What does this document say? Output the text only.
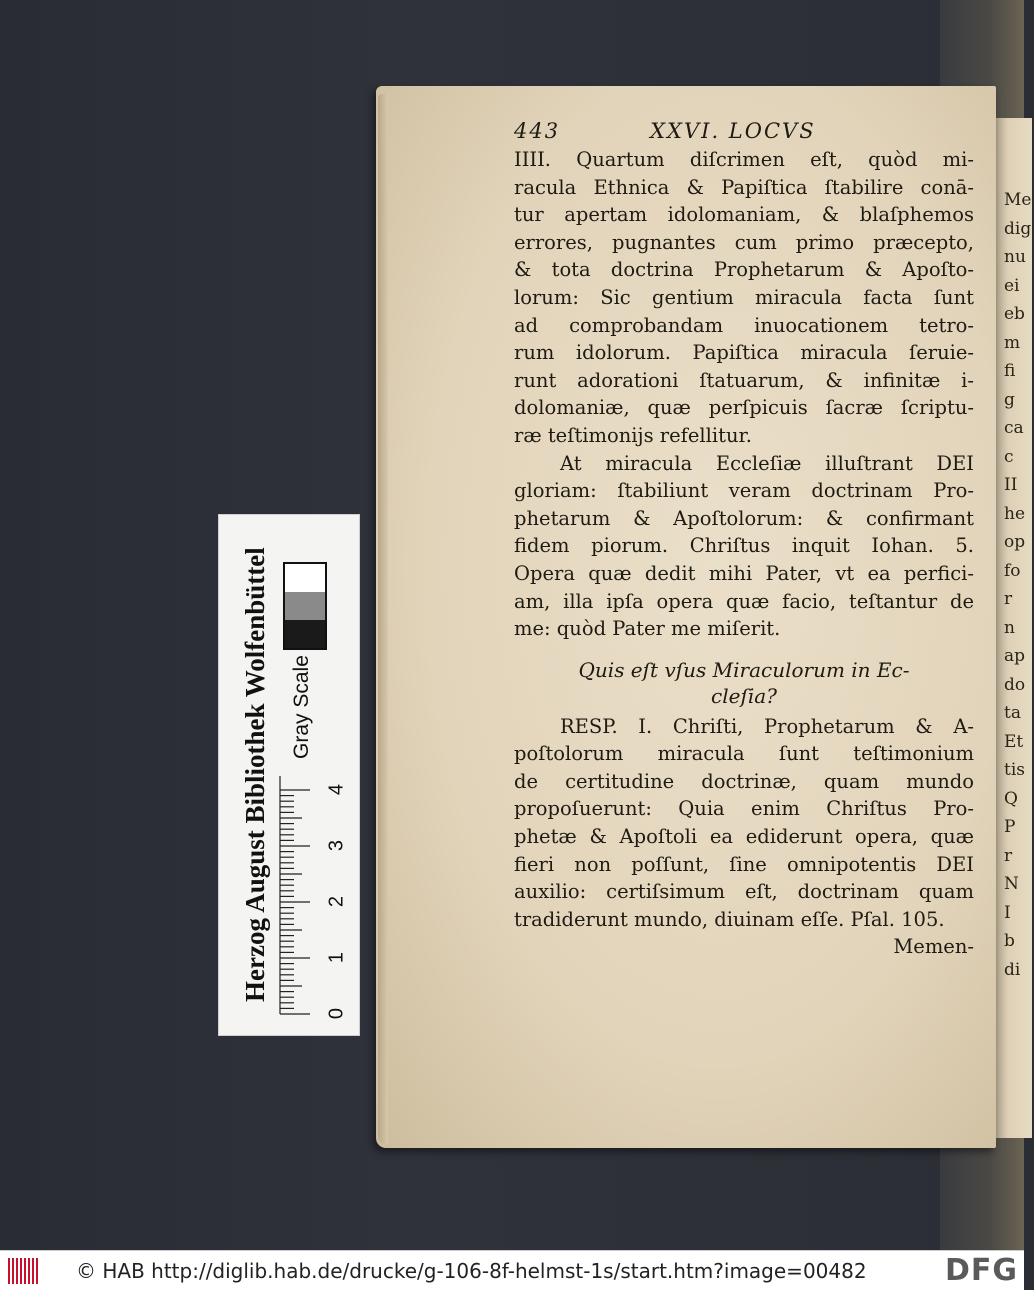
Me
dig
nu
ei
eb
m
fi
g
ca
c
II
he
op
fo
r
n
ap
do
ta
Et
tis
Q
P
r
N
I
b
di
443	XXVI. LOCVS
IIII. Quartum diſcrimen eſt, quòd mi-
racula Ethnica & Papiſtica ſtabilire conā-
tur apertam idolomaniam, & blaſphemos
errores, pugnantes cum primo præcepto,
& tota doctrina Prophetarum & Apoſto-
lorum: Sic gentium miracula facta ſunt
ad comprobandam inuocationem tetro-
rum idolorum. Papiſtica miracula ſeruie-
runt adorationi ſtatuarum, & infinitæ i-
dolomaniæ, quæ perſpicuis ſacræ ſcriptu-
ræ teſtimonijs refellitur.
At miracula Eccleſiæ illuſtrant DEI
gloriam: ſtabiliunt veram doctrinam Pro-
phetarum & Apoſtolorum: & confirmant
fidem piorum. Chriſtus inquit Iohan. 5.
Opera quæ dedit mihi Pater, vt ea perfici-
am, illa ipſa opera quæ facio, teſtantur de
me: quòd Pater me miſerit.
Quis eſt vſus Miraculorum in Ec-
cleſia?
RESP. I. Chriſti, Prophetarum & A-
poſtolorum miracula ſunt teſtimonium
de certitudine doctrinæ, quam mundo
propoſuerunt: Quia enim Chriſtus Pro-
phetæ & Apoſtoli ea ediderunt opera, quæ
fieri non poſſunt, ſine omnipotentis DEI
auxilio: certiſsimum eſt, doctrinam quam
tradiderunt mundo, diuinam eſſe. Pſal. 105.
Memen-
Herzog August Bibliothek Wolfenbüttel Gray Scale
0
1
2
3
4
© HAB http://diglib.hab.de/drucke/g-106-8f-helmst-1s/start.htm?image=00482	DFG
